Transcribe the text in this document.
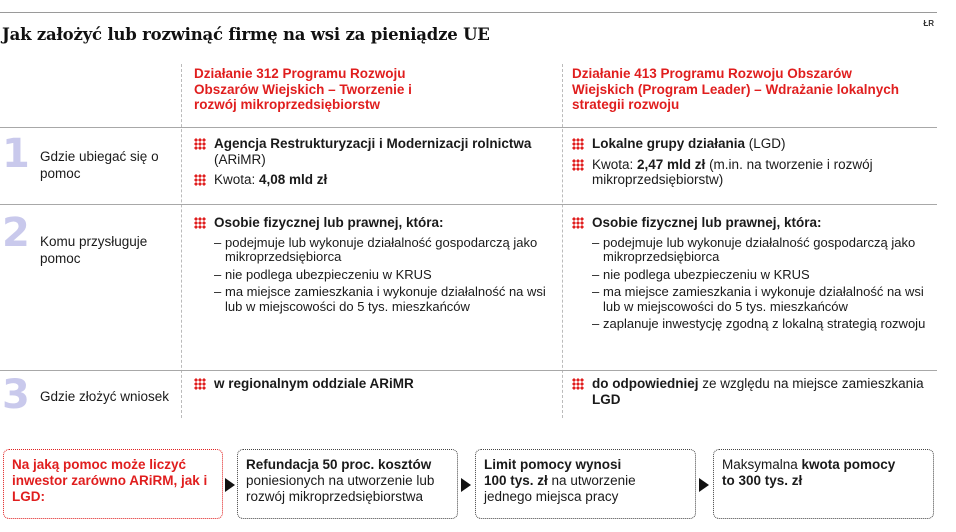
ŁR
Jak założyć lub rozwinąć firmę na wsi za pieniądze UE
Działanie 312 Programu Rozwoju Obszarów Wiejskich – Tworzenie i rozwój mikroprzedsiębiorstw
Działanie 413 Programu Rozwoju Obszarów Wiejskich (Program Leader) – Wdrażanie lokalnych strategii rozwoju
1 Gdzie ubiegać się o pomoc
Agencja Restrukturyzacji i Modernizacji rolnictwa (ARiMR)
Kwota: 4,08 mld zł
Lokalne grupy działania (LGD)
Kwota: 2,47 mld zł (m.in. na tworzenie i rozwój mikroprzedsiębiorstw)
2 Komu przysługuje pomoc
Osobie fizycznej lub prawnej, która:
– podejmuje lub wykonuje działalność gospodarczą jako mikroprzedsiębiorca
– nie podlega ubezpieczeniu w KRUS
– ma miejsce zamieszkania i wykonuje działalność na wsi lub w miejscowości do 5 tys. mieszkańców
Osobie fizycznej lub prawnej, która:
– podejmuje lub wykonuje działalność gospodarczą jako mikroprzedsiębiorca
– nie podlega ubezpieczeniu w KRUS
– ma miejsce zamieszkania i wykonuje działalność na wsi lub w miejscowości do 5 tys. mieszkańców
– zaplanuje inwestycję zgodną z lokalną strategią rozwoju
3 Gdzie złożyć wniosek
w regionalnym oddziale ARiMR	do odpowiedniej ze względu na miejsce zamieszkania LGD
Na jaką pomoc może liczyć inwestor zarówno ARiRM, jak i LGD:
Refundacja 50 proc. kosztów poniesionych na utworzenie lub rozwój mikroprzedsiębiorstwa
Limit pomocy wynosi
100 tys. zł na utworzenie jednego miejsca pracy
Maksymalna kwota pomocy
to 300 tys. zł
